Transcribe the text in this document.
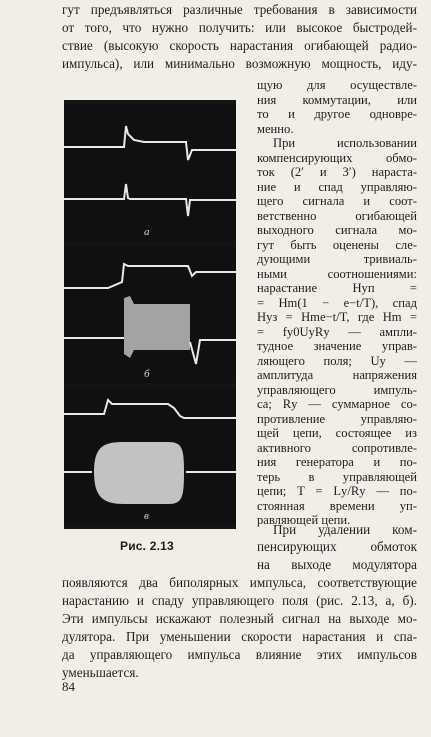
гут предъявляться различные требования в зависимости
от того, что нужно получить: или высокое быстродей-
ствие (высокую скорость нарастания огибающей радио-
импульса), или минимально возможную мощность, иду-
щую для осуществле-
ния коммутации, или
то и другое одновре-
менно.
При использовании
компенсирующих обмо-
ток (2′ и 3′) нараста-
ние и спад управляю-
щего сигнала и соот-
ветственно огибающей
выходного сигнала мо-
гут быть оценены сле-
дующими тривиаль-
ными соотношениями:
нарастание Hуп =
= Hm(1 − e−t/T), спад
Hуз = Hme−t/T, где Hm =
= fу0UуRу — ампли-
тудное значение управ-
ляющего поля; Uу —
амплитуда напряжения
управляющего импуль-
са; Rу — суммарное со-
противление управляю-
щей цепи, состоящее из
активного сопротивле-
ния генератора и по-
терь в управляющей
цепи; T = Lу/Rу — по-
стоянная времени уп-
равляющей цепи.
При удалении ком-
а
б
в
Рис. 2.13	пенсирующих обмоток
на выходе модулятора
появляются два биполярных импульса, соответствующие
нарастанию и спаду управляющего поля (рис. 2.13, а, б).
Эти импульсы искажают полезный сигнал на выходе мо-
дулятора. При уменьшении скорости нарастания и спа-
да управляющего импульса влияние этих импульсов
уменьшается.
84
